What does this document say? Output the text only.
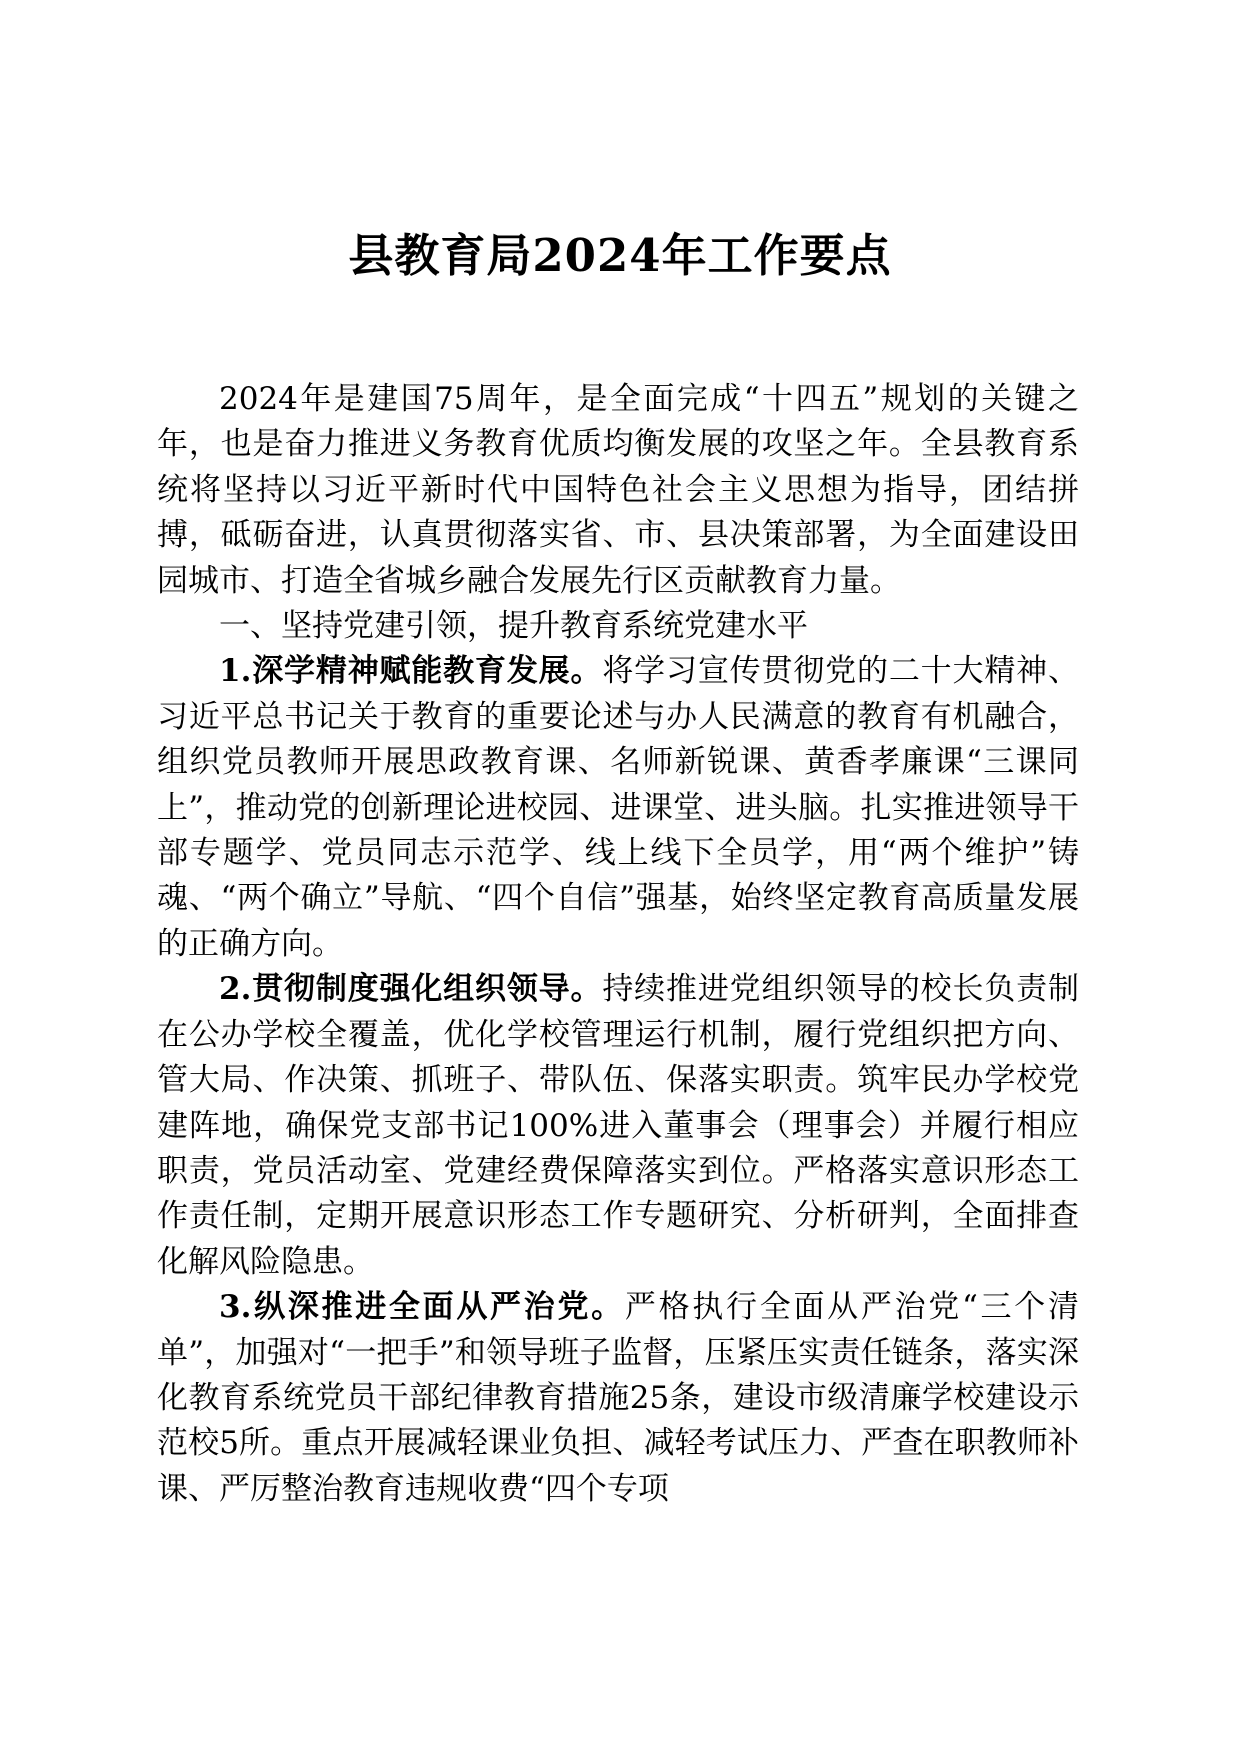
县教育局2024年工作要点

2024年是建国75周年，是全面完成“十四五”规划的关键之年，也是奋力推进义务教育优质均衡发展的攻坚之年。全县教育系统将坚持以习近平新时代中国特色社会主义思想为指导，团结拼搏，砥砺奋进，认真贯彻落实省、市、县决策部署，为全面建设田园城市、打造全省城乡融合发展先行区贡献教育力量。

一、坚持党建引领，提升教育系统党建水平

1.深学精神赋能教育发展。将学习宣传贯彻党的二十大精神、习近平总书记关于教育的重要论述与办人民满意的教育有机融合，组织党员教师开展思政教育课、名师新锐课、黄香孝廉课“三课同上”，推动党的创新理论进校园、进课堂、进头脑。扎实推进领导干部专题学、党员同志示范学、线上线下全员学，用“两个维护”铸魂、“两个确立”导航、“四个自信”强基，始终坚定教育高质量发展的正确方向。

2.贯彻制度强化组织领导。持续推进党组织领导的校长负责制在公办学校全覆盖，优化学校管理运行机制，履行党组织把方向、管大局、作决策、抓班子、带队伍、保落实职责。筑牢民办学校党建阵地，确保党支部书记100%进入董事会（理事会）并履行相应职责，党员活动室、党建经费保障落实到位。严格落实意识形态工作责任制，定期开展意识形态工作专题研究、分析研判，全面排查化解风险隐患。

3.纵深推进全面从严治党。严格执行全面从严治党“三个清单”，加强对“一把手”和领导班子监督，压紧压实责任链条，落实深化教育系统党员干部纪律教育措施25条，建设市级清廉学校建设示范校5所。重点开展减轻课业负担、减轻考试压力、严查在职教师补课、严厉整治教育违规收费“四个专项
